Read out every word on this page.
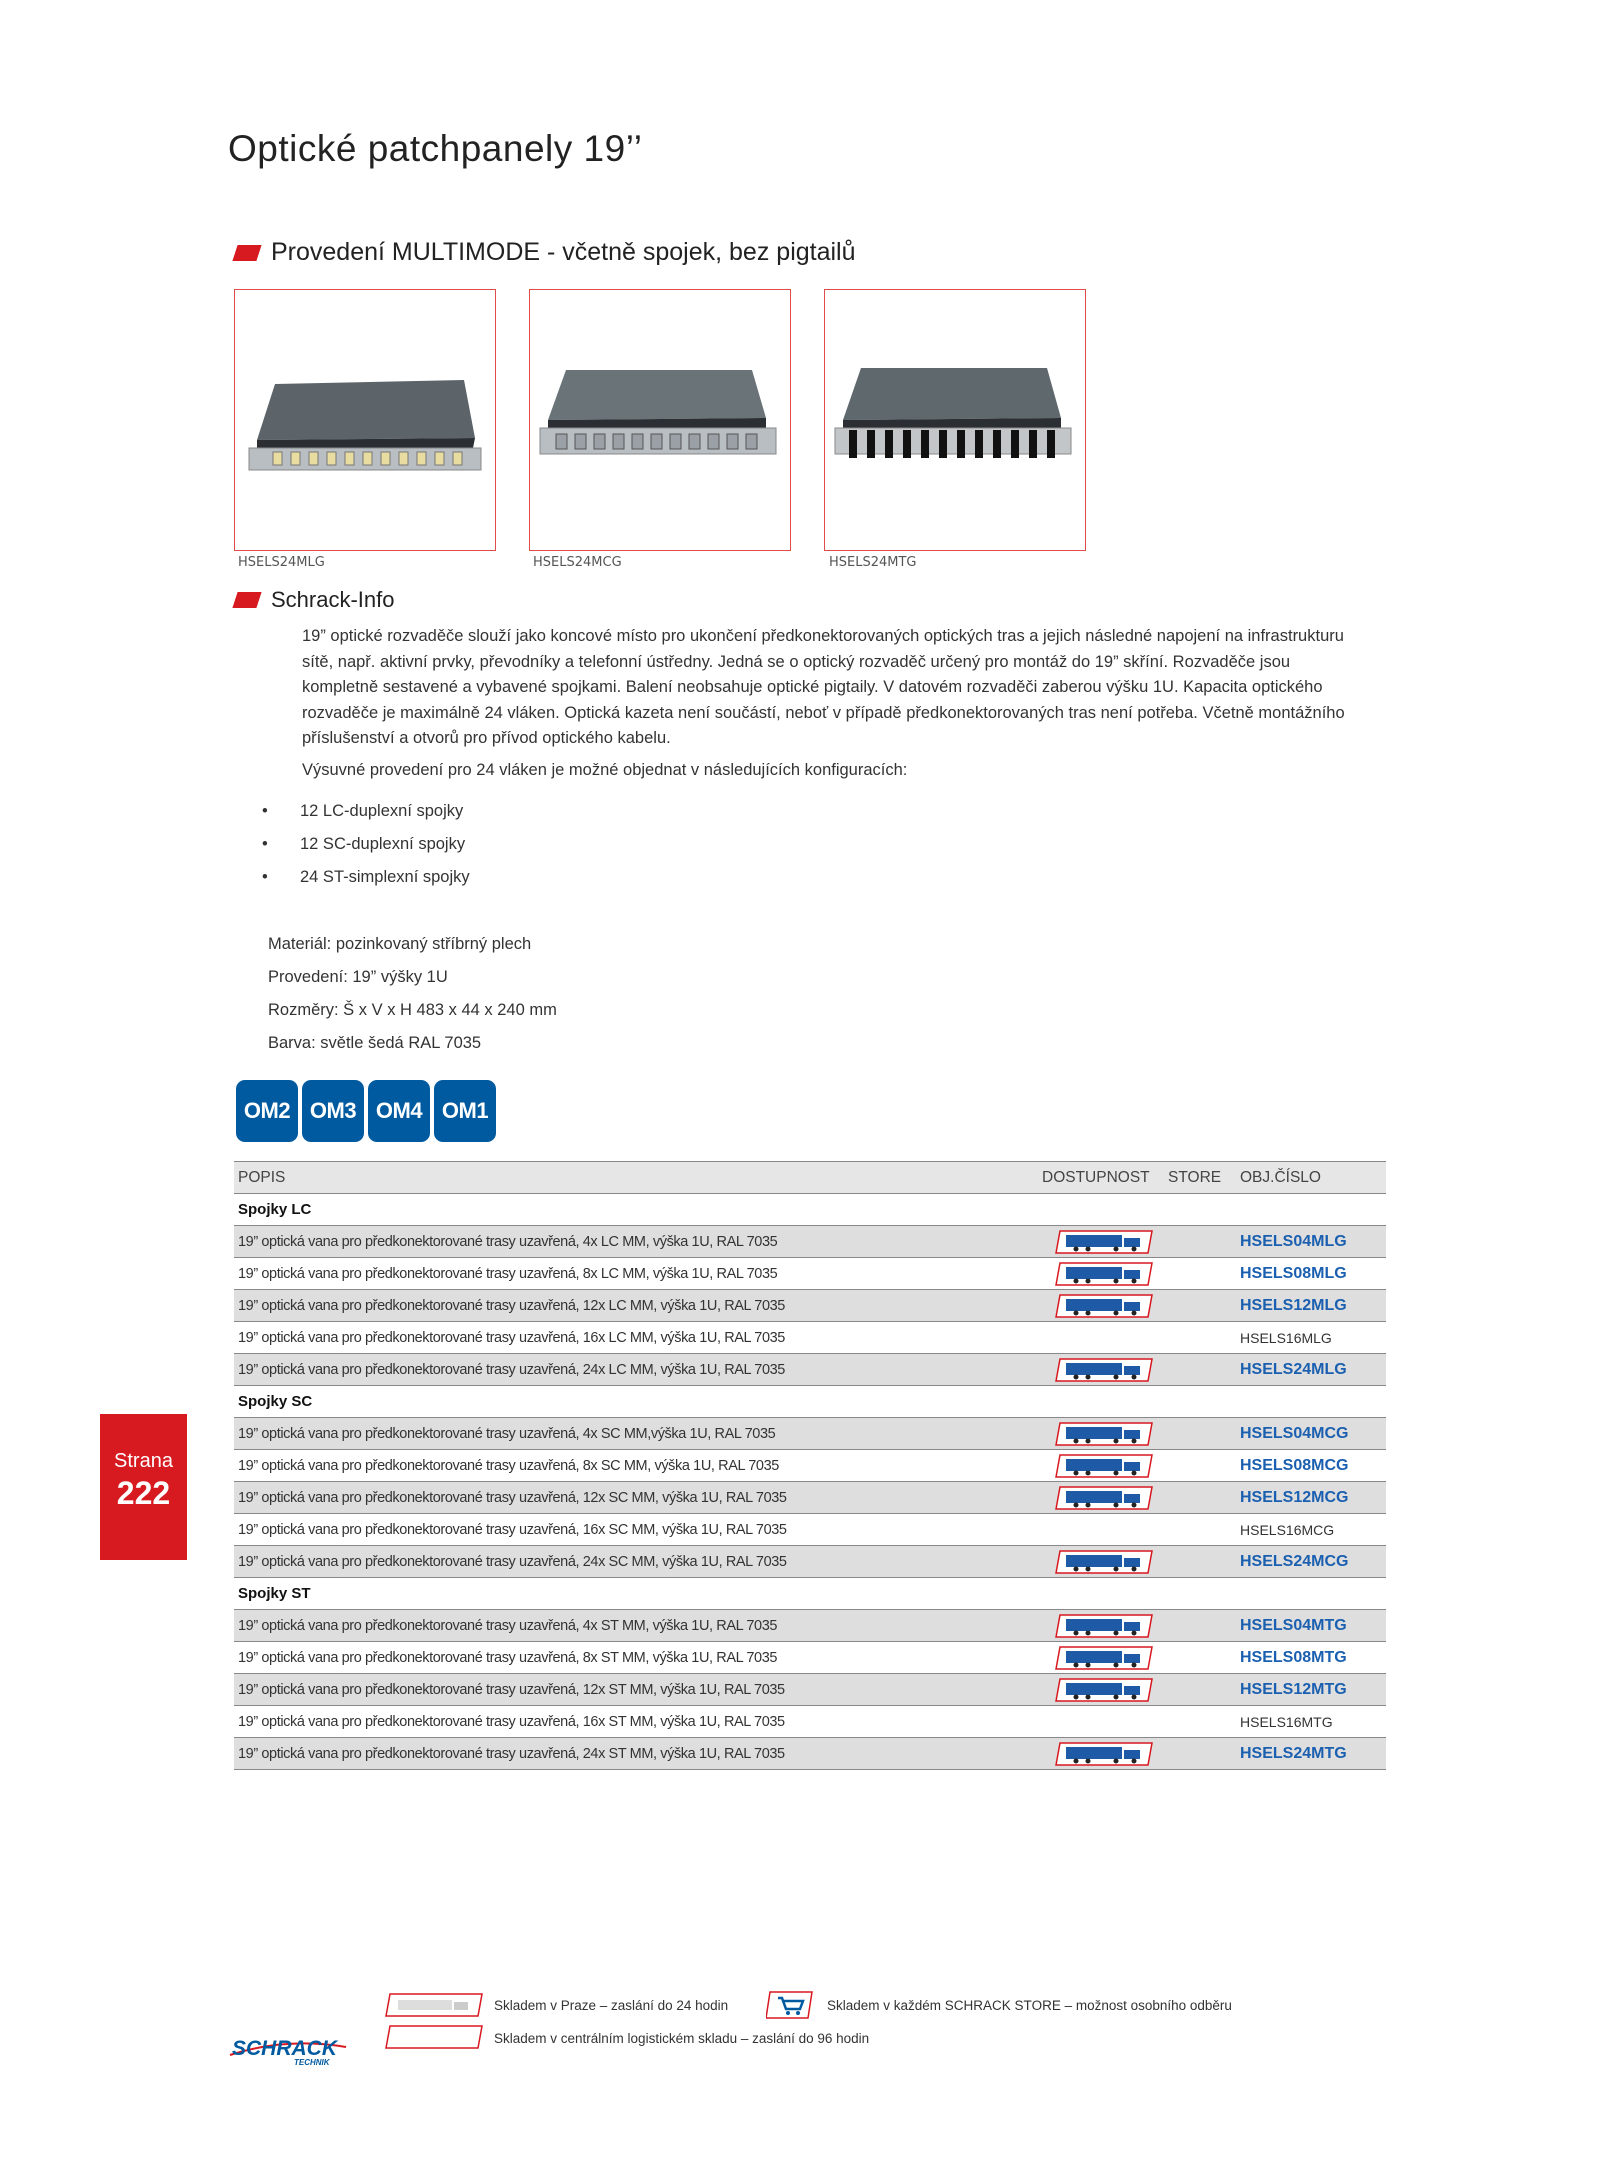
Optické patchpanely 19’’
Provedení MULTIMODE - včetně spojek, bez pigtailů
HSELS24MLG	HSELS24MCG	HSELS24MTG
Schrack-Info
19” optické rozvaděče slouží jako koncové místo pro ukončení předkonektorovaných optických tras a jejich následné napojení na infrastrukturu sítě, např. aktivní prvky, převodníky a telefonní ústředny. Jedná se o optický rozvaděč určený pro montáž do 19” skříní. Rozvaděče jsou kompletně sestavené a vybavené spojkami. Balení neobsahuje optické pigtaily. V datovém rozvaděči zaberou výšku 1U. Kapacita optického rozvaděče je maximálně 24 vláken. Optická kazeta není součástí, neboť v případě předkonektorovaných tras není potřeba. Včetně montážního příslušenství a otvorů pro přívod optického kabelu.
Výsuvné provedení pro 24 vláken je možné objednat v následujících konfiguracích:
•	12 LC-duplexní spojky
•	12 SC-duplexní spojky
•	24 ST-simplexní spojky
Materiál: pozinkovaný stříbrný plech
Provedení: 19” výšky 1U
Rozměry: Š x V x H 483 x 44 x 240 mm
Barva: světle šedá RAL 7035
OM2 OM3 OM4 OM1
POPIS	DOSTUPNOST	STORE	OBJ.ČÍSLO
Spojky LC			
19” optická vana pro předkonektorované trasy uzavřená, 4x LC MM, výška 1U, RAL 7035			HSELS04MLG
19” optická vana pro předkonektorované trasy uzavřená, 8x LC MM, výška 1U, RAL 7035			HSELS08MLG
19” optická vana pro předkonektorované trasy uzavřená, 12x LC MM, výška 1U, RAL 7035			HSELS12MLG
19” optická vana pro předkonektorované trasy uzavřená, 16x LC MM, výška 1U, RAL 7035			HSELS16MLG
19” optická vana pro předkonektorované trasy uzavřená, 24x LC MM, výška 1U, RAL 7035			HSELS24MLG
Spojky SC			
19” optická vana pro předkonektorované trasy uzavřená, 4x SC MM,výška 1U, RAL 7035			HSELS04MCG
19” optická vana pro předkonektorované trasy uzavřená, 8x SC MM, výška 1U, RAL 7035			HSELS08MCG
19” optická vana pro předkonektorované trasy uzavřená, 12x SC MM, výška 1U, RAL 7035			HSELS12MCG
19” optická vana pro předkonektorované trasy uzavřená, 16x SC MM, výška 1U, RAL 7035			HSELS16MCG
19” optická vana pro předkonektorované trasy uzavřená, 24x SC MM, výška 1U, RAL 7035			HSELS24MCG
Spojky ST			
19” optická vana pro předkonektorované trasy uzavřená, 4x ST MM, výška 1U, RAL 7035			HSELS04MTG
19” optická vana pro předkonektorované trasy uzavřená, 8x ST MM, výška 1U, RAL 7035			HSELS08MTG
19” optická vana pro předkonektorované trasy uzavřená, 12x ST MM, výška 1U, RAL 7035			HSELS12MTG
19” optická vana pro předkonektorované trasy uzavřená, 16x ST MM, výška 1U, RAL 7035			HSELS16MTG
19” optická vana pro předkonektorované trasy uzavřená, 24x ST MM, výška 1U, RAL 7035			HSELS24MTG
Strana
222
Skladem v Praze – zaslání do 24 hodin
Skladem v centrálním logistickém skladu – zaslání do 96 hodin
Skladem v každém SCHRACK STORE – možnost osobního odběru
SCHRACK
TECHNIK
